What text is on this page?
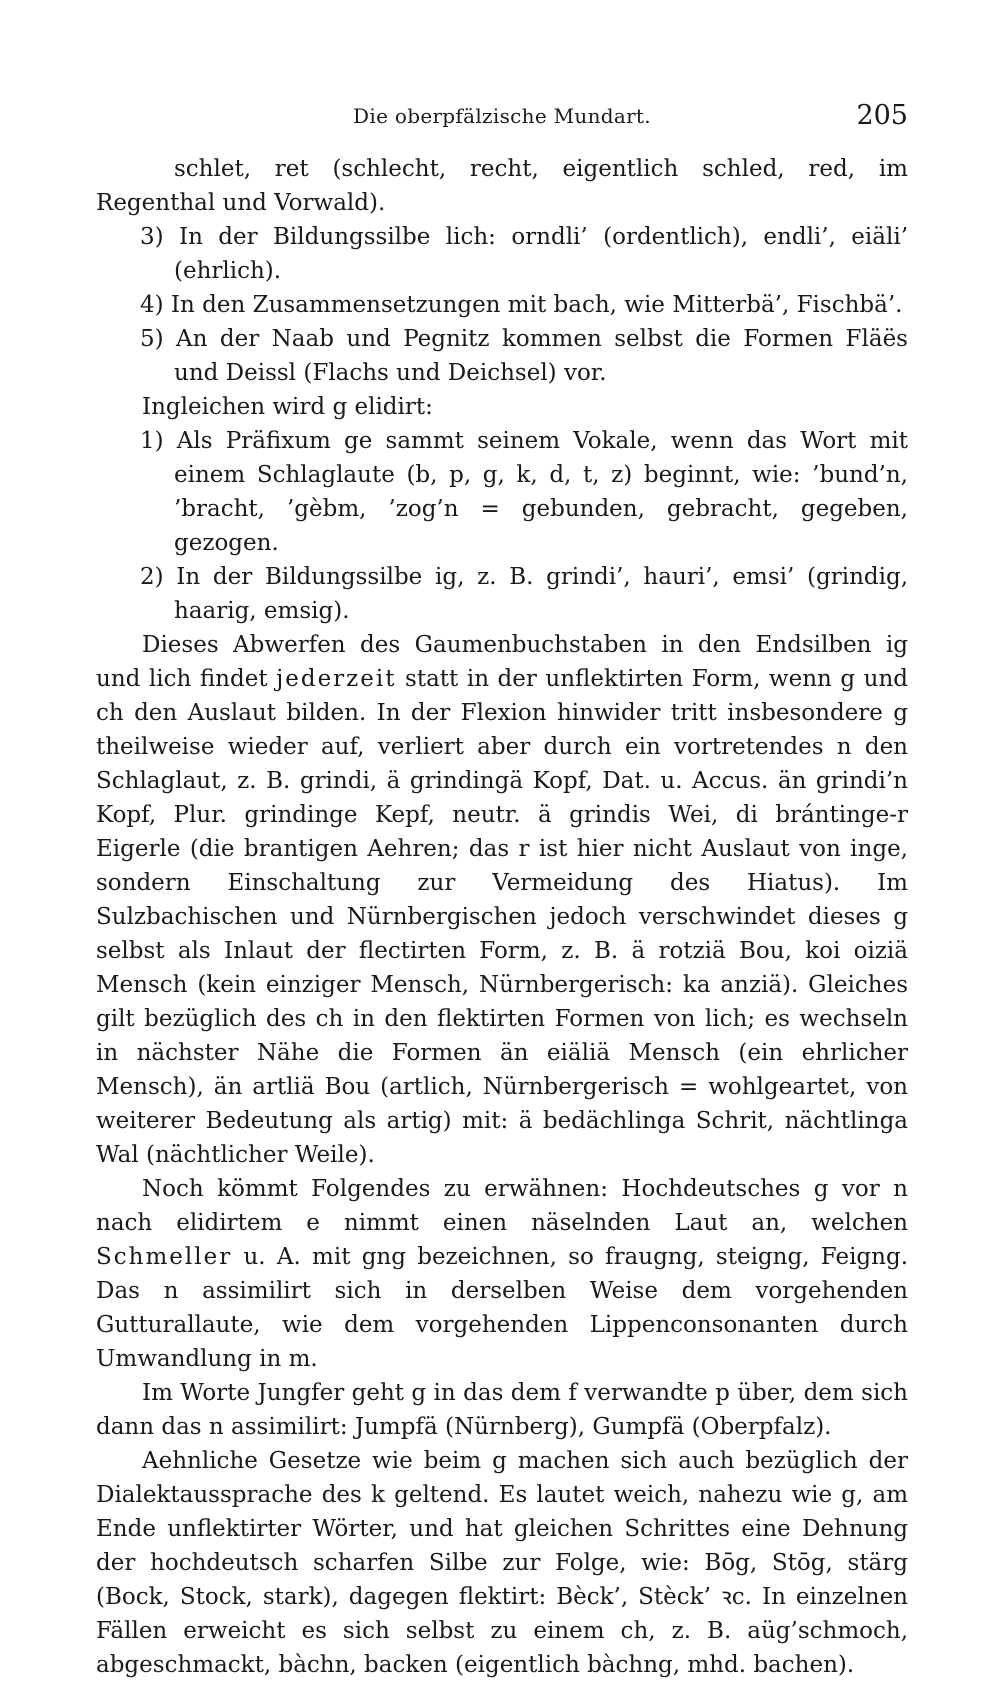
Die oberpfälzische Mundart.	205

schlet, ret (schlecht, recht, eigentlich schled, red, im Regenthal und Vorwald).

3) In der Bildungssilbe lich: orndli’ (ordentlich), endli’, eiäli’ (ehrlich).

4) In den Zusammensetzungen mit bach, wie Mitterbä’, Fischbä’.

5) An der Naab und Pegnitz kommen selbst die Formen Fläës und Deissl (Flachs und Deichsel) vor.

Ingleichen wird g elidirt:

1) Als Präfixum ge sammt seinem Vokale, wenn das Wort mit einem Schlaglaute (b, p, g, k, d, t, z) beginnt, wie: ’bund’n, ’bracht, ’gèbm, ’zog’n = gebunden, gebracht, gegeben, gezogen.

2) In der Bildungssilbe ig, z. B. grindi’, hauri’, emsi’ (grindig, haarig, emsig).

Dieses Abwerfen des Gaumenbuchstaben in den Endsilben ig und lich findet jederzeit statt in der unflektirten Form, wenn g und ch den Auslaut bilden. In der Flexion hinwider tritt insbesondere g theilweise wieder auf, verliert aber durch ein vortretendes n den Schlaglaut, z. B. grindi, ä grindingä Kopf, Dat. u. Accus. än grindi’n Kopf, Plur. grindinge Kepf, neutr. ä grindis Wei, di brántinge-r Eigerle (die brantigen Aehren; das r ist hier nicht Auslaut von inge, sondern Einschaltung zur Vermeidung des Hiatus). Im Sulzbachischen und Nürnbergischen jedoch verschwindet dieses g selbst als Inlaut der flectirten Form, z. B. ä rotziä Bou, koi oiziä Mensch (kein einziger Mensch, Nürnbergerisch: ka anziä). Gleiches gilt bezüglich des ch in den flektirten Formen von lich; es wechseln in nächster Nähe die Formen än eiäliä Mensch (ein ehrlicher Mensch), än artliä Bou (artlich, Nürnbergerisch = wohlgeartet, von weiterer Bedeutung als artig) mit: ä bedächlinga Schrit, nächtlinga Wal (nächtlicher Weile).

Noch kömmt Folgendes zu erwähnen: Hochdeutsches g vor n nach elidirtem e nimmt einen näselnden Laut an, welchen Schmeller u. A. mit gng bezeichnen, so fraugng, steigng, Feigng. Das n assimilirt sich in derselben Weise dem vorgehenden Gutturallaute, wie dem vorgehenden Lippenconsonanten durch Umwandlung in m.

Im Worte Jungfer geht g in das dem f verwandte p über, dem sich dann das n assimilirt: Jumpfä (Nürnberg), Gumpfä (Oberpfalz).

Aehnliche Gesetze wie beim g machen sich auch bezüglich der Dialektaussprache des k geltend. Es lautet weich, nahezu wie g, am Ende unflektirter Wörter, und hat gleichen Schrittes eine Dehnung der hochdeutsch scharfen Silbe zur Folge, wie: Bōg, Stōg, stärg (Bock, Stock, stark), dagegen flektirt: Bèck’, Stèck’ ꝛc. In einzelnen Fällen erweicht es sich selbst zu einem ch, z. B. aüg’schmoch, abgeschmackt, bàchn, backen (eigentlich bàchng, mhd. bachen).
